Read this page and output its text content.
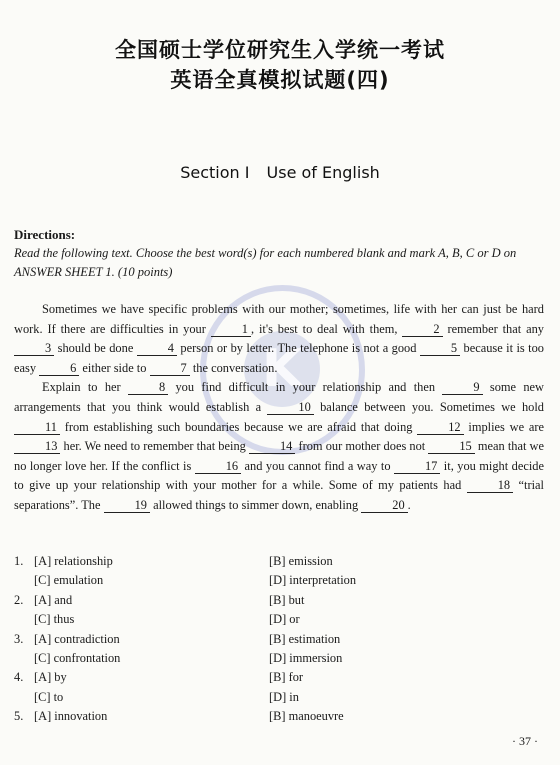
K
全国硕士学位研究生入学统一考试
英语全真模拟试题(四)
Section Ⅰ Use of English
Directions:
Read the following text. Choose the best word(s) for each numbered blank and mark A, B, C or D on ANSWER SHEET 1. (10 points)

Sometimes we have specific problems with our mother; sometimes, life with her can just be hard work. If there are difficulties in your	1 , it's best to deal with them,	2 remember that any 3 should be done	4 person or by letter. The telephone is not a good	5 because it is too easy	6 either side to	7 the conversation.

Explain to her	8 you find difficult in your relationship and then	9 some new arrangements that you think would establish a	10 balance between you. Sometimes we hold 11 from establishing such boundaries because we are afraid that doing	12 implies we are 13 her. We need to remember that being	14 from our mother does not	15 mean that we no longer love her. If the conflict is	16 and you cannot find a way to	17 it, you might decide to give up your relationship with your mother for a while. Some of my patients had	18 “trial separations”. The	19 allowed things to simmer down, enabling	20 .

1. [A] relationship	[B] emission
[C] emulation	[D] interpretation
2. [A] and	[B] but
[C] thus	[D] or
3. [A] contradiction	[B] estimation
[C] confrontation	[D] immersion
4. [A] by	[B] for
[C] to	[D] in
5. [A] innovation	[B] manoeuvre
· 37 ·
